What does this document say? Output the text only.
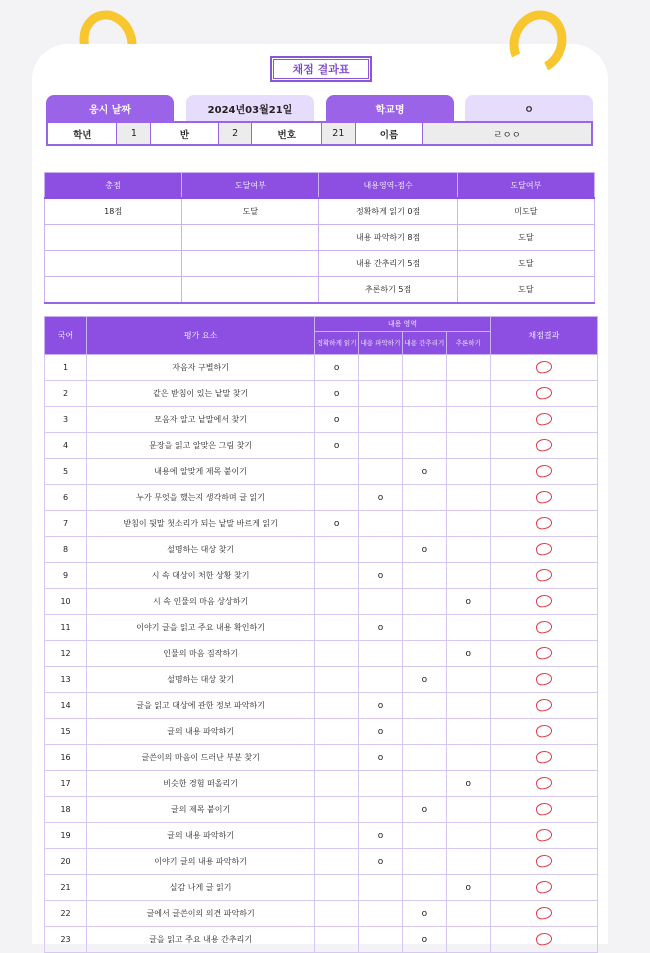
채점 결과표
응시 날짜	2024년03월21일	학교명	ㅇ
학년	1	반	2	번호	21	이름	ㄹㅇㅇ
총점	도달여부	내용영역-점수	도달여부
18점	도달	정확하게 읽기 0점	미도달
		내용 파악하기 8점	도달
		내용 간추리기 5점	도달
		추론하기 5점	도달
국어	평가 요소	내용 영역				채점결과
		정확하게 읽기	내용 파악하기	내용 간추리기	추론하기	
1	자음자 구별하기	o				
2	같은 받침이 있는 낱말 찾기	o				
3	모음자 알고 낱말에서 찾기	o				
4	문장을 읽고 알맞은 그림 찾기	o				
5	내용에 알맞게 제목 붙이기			o		
6	누가 무엇을 했는지 생각하며 글 읽기		o			
7	받침이 뒷말 첫소리가 되는 낱말 바르게 읽기	o				
8	설명하는 대상 찾기			o		
9	시 속 대상이 처한 상황 찾기		o			
10	시 속 인물의 마음 상상하기				o	
11	이야기 글을 읽고 주요 내용 확인하기		o			
12	인물의 마음 짐작하기				o	
13	설명하는 대상 찾기			o		
14	글을 읽고 대상에 관한 정보 파악하기		o			
15	글의 내용 파악하기		o			
16	글쓴이의 마음이 드러난 부분 찾기		o			
17	비슷한 경험 떠올리기				o	
18	글의 제목 붙이기			o		
19	글의 내용 파악하기		o			
20	이야기 글의 내용 파악하기		o			
21	실감 나게 글 읽기				o	
22	글에서 글쓴이의 의견 파악하기			o		
23	글을 읽고 주요 내용 간추리기			o		
